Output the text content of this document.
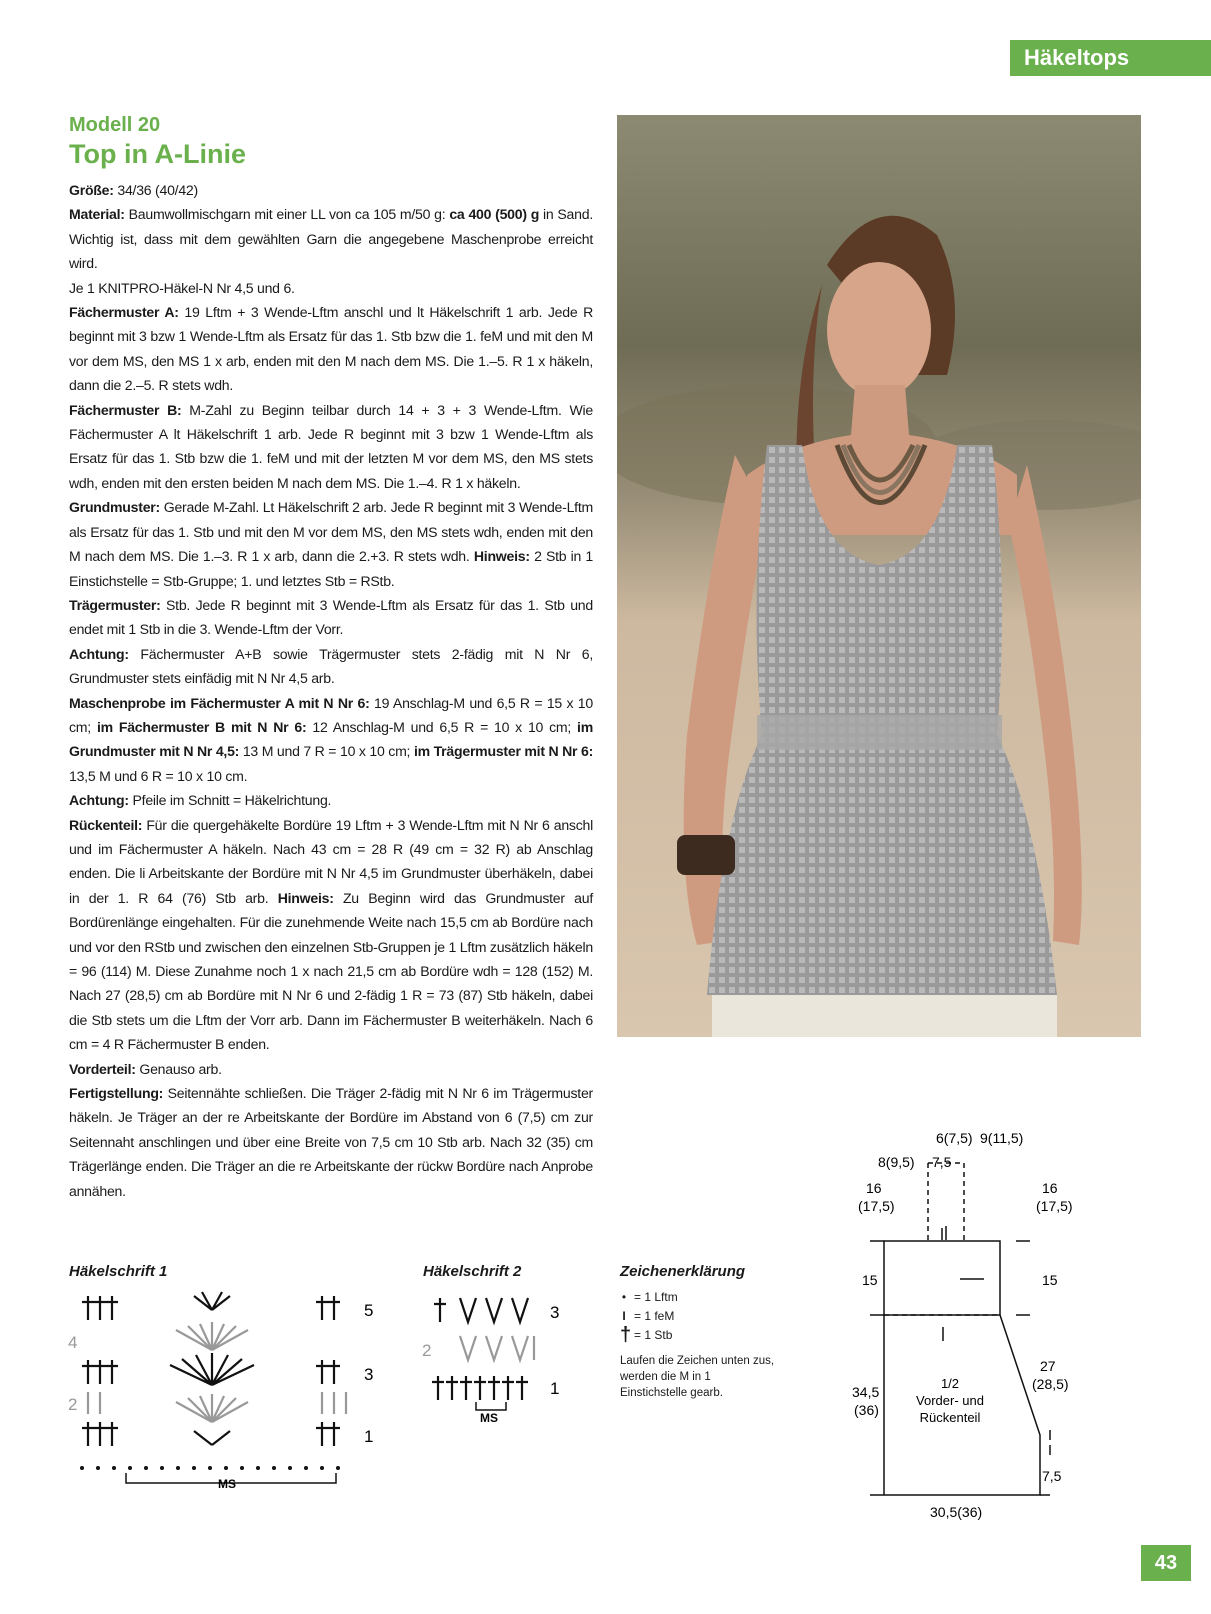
Häkeltops
Modell 20
Top in A-Linie

Größe: 34/36 (40/42)

Material: Baumwollmischgarn mit einer LL von ca 105 m/50 g: ca 400 (500) g in Sand. Wichtig ist, dass mit dem gewählten Garn die angegebene Maschenprobe erreicht wird.

Je 1 KNITPRO-Häkel-N Nr 4,5 und 6.

Fächermuster A: 19 Lftm + 3 Wende-Lftm anschl und lt Häkelschrift 1 arb. Jede R beginnt mit 3 bzw 1 Wende-Lftm als Ersatz für das 1. Stb bzw die 1. feM und mit den M vor dem MS, den MS 1 x arb, enden mit den M nach dem MS. Die 1.–5. R 1 x häkeln, dann die 2.–5. R stets wdh.

Fächermuster B: M-Zahl zu Beginn teilbar durch 14 + 3 + 3 Wende-Lftm. Wie Fächermuster A lt Häkelschrift 1 arb. Jede R beginnt mit 3 bzw 1 Wende-Lftm als Ersatz für das 1. Stb bzw die 1. feM und mit der letzten M vor dem MS, den MS stets wdh, enden mit den ersten beiden M nach dem MS. Die 1.–4. R 1 x häkeln.

Grundmuster: Gerade M-Zahl. Lt Häkelschrift 2 arb. Jede R beginnt mit 3 Wende-Lftm als Ersatz für das 1. Stb und mit den M vor dem MS, den MS stets wdh, enden mit den M nach dem MS. Die 1.–3. R 1 x arb, dann die 2.+3. R stets wdh. Hinweis: 2 Stb in 1 Einstichstelle = Stb-Gruppe; 1. und letztes Stb = RStb.

Trägermuster: Stb. Jede R beginnt mit 3 Wende-Lftm als Ersatz für das 1. Stb und endet mit 1 Stb in die 3. Wende-Lftm der Vorr.

Achtung: Fächermuster A+B sowie Trägermuster stets 2-fädig mit N Nr 6, Grundmuster stets einfädig mit N Nr 4,5 arb.

Maschenprobe im Fächermuster A mit N Nr 6: 19 Anschlag-M und 6,5 R = 15 x 10 cm; im Fächermuster B mit N Nr 6: 12 Anschlag-M und 6,5 R = 10 x 10 cm; im Grundmuster mit N Nr 4,5: 13 M und 7 R = 10 x 10 cm; im Trägermuster mit N Nr 6: 13,5 M und 6 R = 10 x 10 cm.

Achtung: Pfeile im Schnitt = Häkelrichtung.

Rückenteil: Für die quergehäkelte Bordüre 19 Lftm + 3 Wende-Lftm mit N Nr 6 anschl und im Fächermuster A häkeln. Nach 43 cm = 28 R (49 cm = 32 R) ab Anschlag enden. Die li Arbeitskante der Bordüre mit N Nr 4,5 im Grundmuster überhäkeln, dabei in der 1. R 64 (76) Stb arb. Hinweis: Zu Beginn wird das Grundmuster auf Bordürenlänge eingehalten. Für die zunehmende Weite nach 15,5 cm ab Bordüre nach und vor den RStb und zwischen den einzelnen Stb-Gruppen je 1 Lftm zusätzlich häkeln = 96 (114) M. Diese Zunahme noch 1 x nach 21,5 cm ab Bordüre wdh = 128 (152) M. Nach 27 (28,5) cm ab Bordüre mit N Nr 6 und 2-fädig 1 R = 73 (87) Stb häkeln, dabei die Stb stets um die Lftm der Vorr arb. Dann im Fächermuster B weiterhäkeln. Nach 6 cm = 4 R Fächermuster B enden.

Vorderteil: Genauso arb.

Fertigstellung: Seitennähte schließen. Die Träger 2-fädig mit N Nr 6 im Trägermuster häkeln. Je Träger an der re Arbeitskante der Bordüre im Abstand von 6 (7,5) cm zur Seitennaht anschlingen und über eine Breite von 7,5 cm 10 Stb arb. Nach 32 (35) cm Trägerlänge enden. Die Träger an die re Arbeitskante der rückw Bordüre nach Anprobe annähen.

Häkelschrift 1
MS
5
4
3
2
1
Häkelschrift 2
MS
3
2
1
Zeichenerklärung
• = 1 Lftm
I = 1 feM
† = 1 Stb
Laufen die Zeichen unten zus, werden die M in 1 Einstichstelle gearb.
6(7,5) 9(11,5)
8(9,5) 7,5
16
(17,5)
16
(17,5)
15	15
34,5
(36)
27
(28,5)
7,5
30,5(36)
1/2
Vorder- und
Rückenteil
43
